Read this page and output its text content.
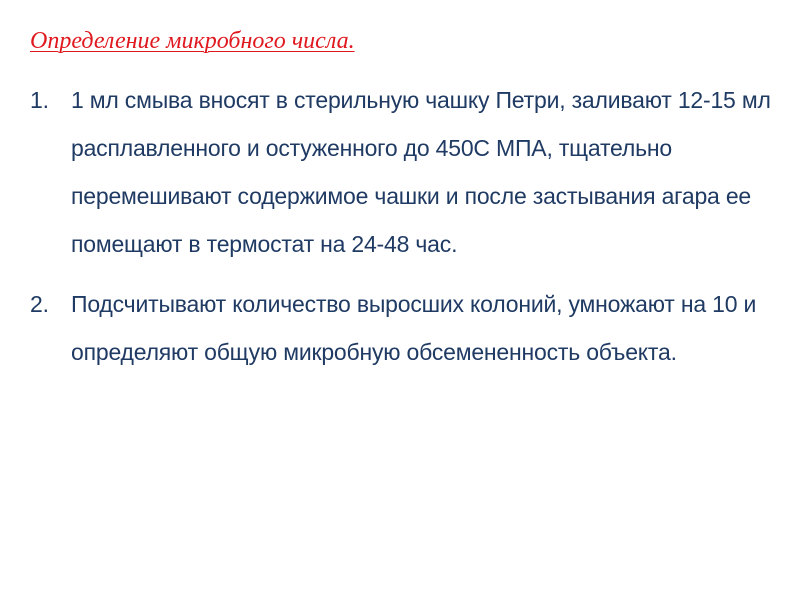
Определение микробного числа.
1. 1 мл смыва вносят в стерильную чашку Петри, заливают 12-15 мл расплавленного и остуженного до 450С МПА, тщательно перемешивают содержимое чашки и после застывания агара ее помещают в термостат на 24-48 час.
2. Подсчитывают количество выросших колоний, умножают на 10 и определяют общую микробную обсемененность объекта.
